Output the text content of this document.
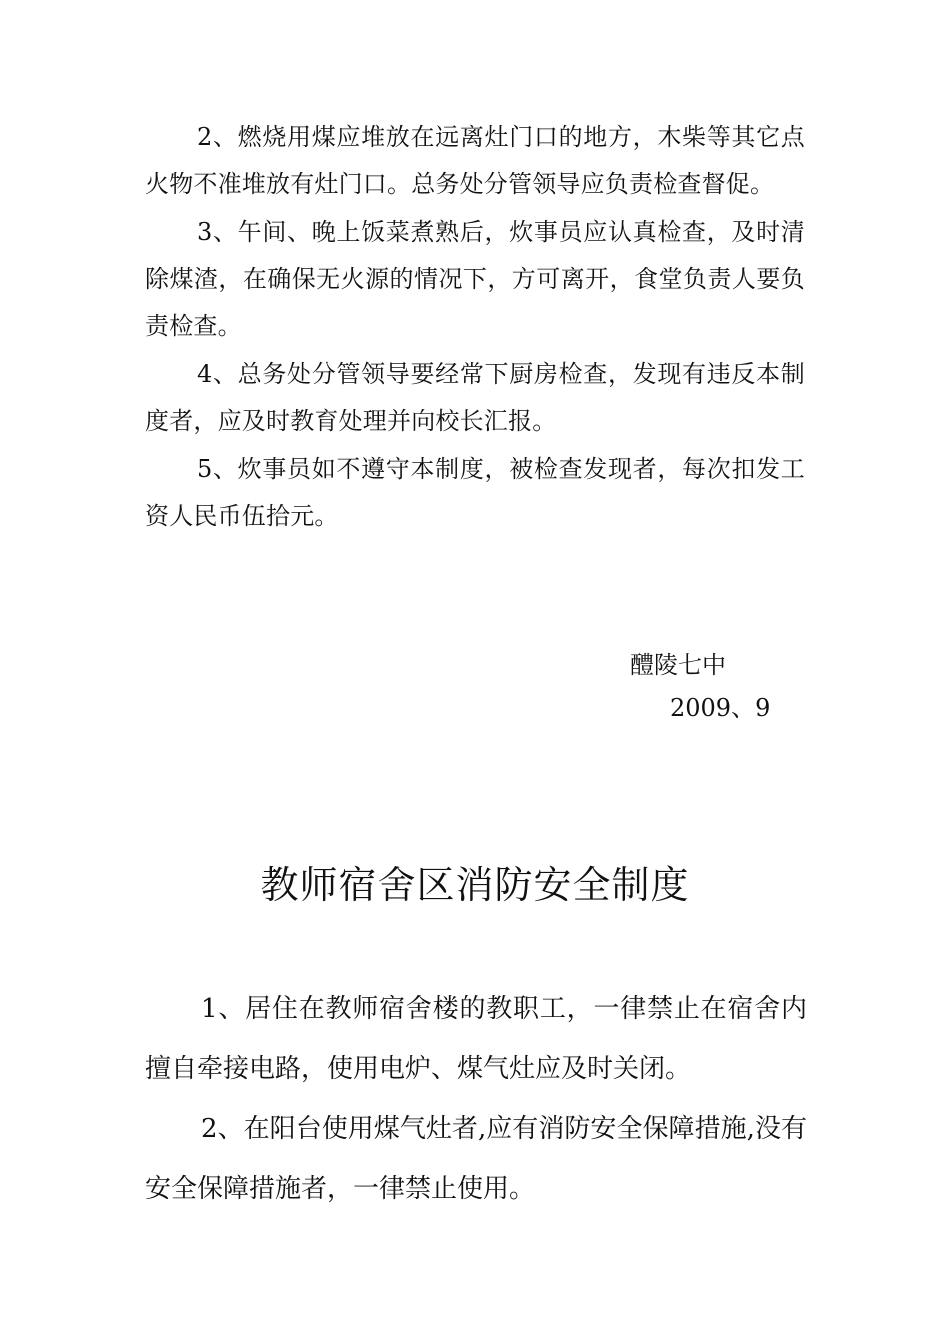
2、燃烧用煤应堆放在远离灶门口的地方，木柴等其它点火物不准堆放有灶门口。总务处分管领导应负责检查督促。

3、午间、晚上饭菜煮熟后，炊事员应认真检查，及时清除煤渣，在确保无火源的情况下，方可离开，食堂负责人要负责检查。

4、总务处分管领导要经常下厨房检查，发现有违反本制度者，应及时教育处理并向校长汇报。

5、炊事员如不遵守本制度，被检查发现者，每次扣发工资人民币伍拾元。

醴陵七中
2009、9
教师宿舍区消防安全制度

1、居住在教师宿舍楼的教职工，一律禁止在宿舍内擅自牵接电路，使用电炉、煤气灶应及时关闭。

2、在阳台使用煤气灶者,应有消防安全保障措施,没有安全保障措施者，一律禁止使用。
